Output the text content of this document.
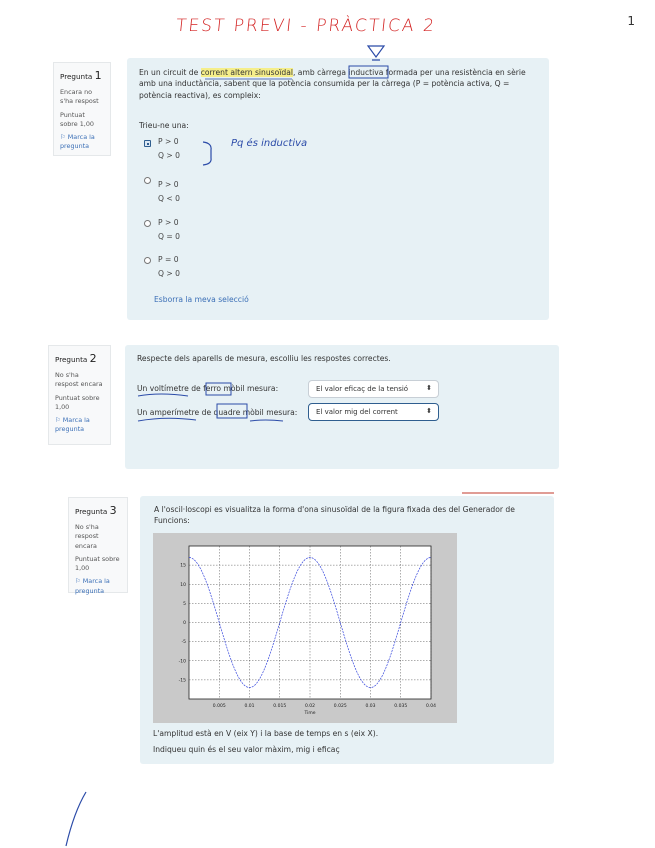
1
TEST PREVI - PRÀCTICA 2
Pregunta 1
Encara no s'ha respost
Puntuat sobre 1,00
⚐ Marca la pregunta
En un circuit de corrent altern sinusoïdal, amb càrrega inductiva formada per una resistència en sèrie amb una inductància, sabent que la potència consumida per la càrrega (P = potència activa, Q = potència reactiva), es compleix:
Trieu-ne una:
P > 0
Q > 0
P > 0
Q < 0
P > 0
Q = 0
P = 0
Q > 0
Esborra la meva selecció
Pq és inductiva
Pregunta 2
No s'ha respost encara
Puntuat sobre 1,00
⚐ Marca la pregunta
Respecte dels aparells de mesura, escolliu les respostes correctes.
Un voltímetre de ferro mòbil mesura:	El valor eficaç de la tensió	⬍
Un amperímetre de quadre mòbil mesura:	El valor mig del corrent	⬍
Pregunta 3
No s'ha respost encara
Puntuat sobre 1,00
⚐ Marca la pregunta
A l'oscil·loscopi es visualitza la forma d'ona sinusoïdal de la figura fixada des del Generador de Funcions:
L'amplitud està en V (eix Y) i la base de temps en s (eix X).
Indiqueu quin és el seu valor màxim, mig i eficaç
0.005	0.01	0.015	0.02	0.025	0.03	0.035	0.04
15
10
5
0
-5
-10
-15
Time
